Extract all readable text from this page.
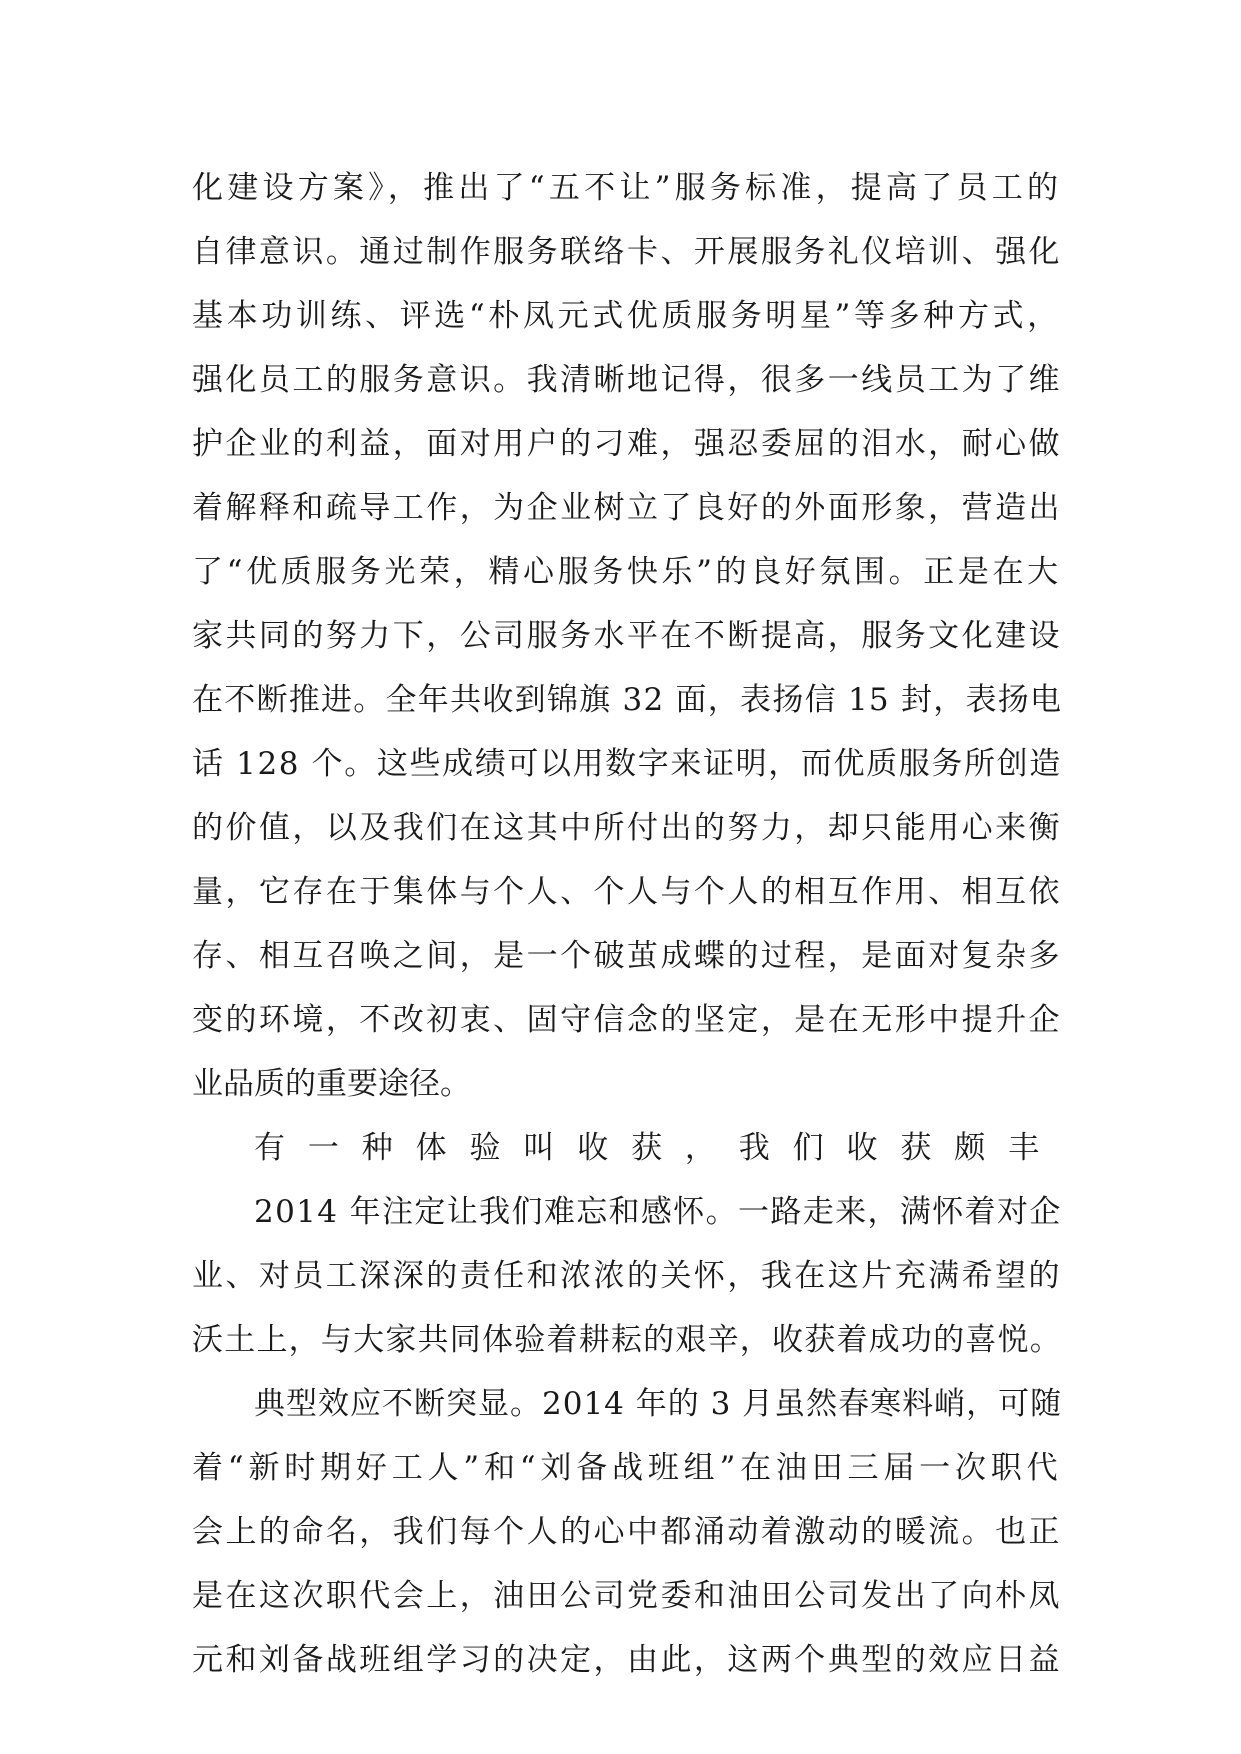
化建设方案》，推出了“五不让”服务标准，提高了员工的

自律意识。通过制作服务联络卡、开展服务礼仪培训、强化

基本功训练、评选“朴凤元式优质服务明星”等多种方式，

强化员工的服务意识。我清晰地记得，很多一线员工为了维

护企业的利益，面对用户的刁难，强忍委屈的泪水，耐心做

着解释和疏导工作，为企业树立了良好的外面形象，营造出

了“优质服务光荣，精心服务快乐”的良好氛围。正是在大

家共同的努力下，公司服务水平在不断提高，服务文化建设

在不断推进。全年共收到锦旗 32 面，表扬信 15 封，表扬电

话 128 个。这些成绩可以用数字来证明，而优质服务所创造

的价值，以及我们在这其中所付出的努力，却只能用心来衡

量，它存在于集体与个人、个人与个人的相互作用、相互依

存、相互召唤之间，是一个破茧成蝶的过程，是面对复杂多

变的环境，不改初衷、固守信念的坚定，是在无形中提升企

业品质的重要途径。

有一种体验叫收获，我们收获颇丰

2014 年注定让我们难忘和感怀。一路走来，满怀着对企

业、对员工深深的责任和浓浓的关怀，我在这片充满希望的

沃土上，与大家共同体验着耕耘的艰辛，收获着成功的喜悦。

典型效应不断突显。2014 年的 3 月虽然春寒料峭，可随

着“新时期好工人”和“刘备战班组”在油田三届一次职代

会上的命名，我们每个人的心中都涌动着激动的暖流。也正

是在这次职代会上，油田公司党委和油田公司发出了向朴凤

元和刘备战班组学习的决定，由此，这两个典型的效应日益
